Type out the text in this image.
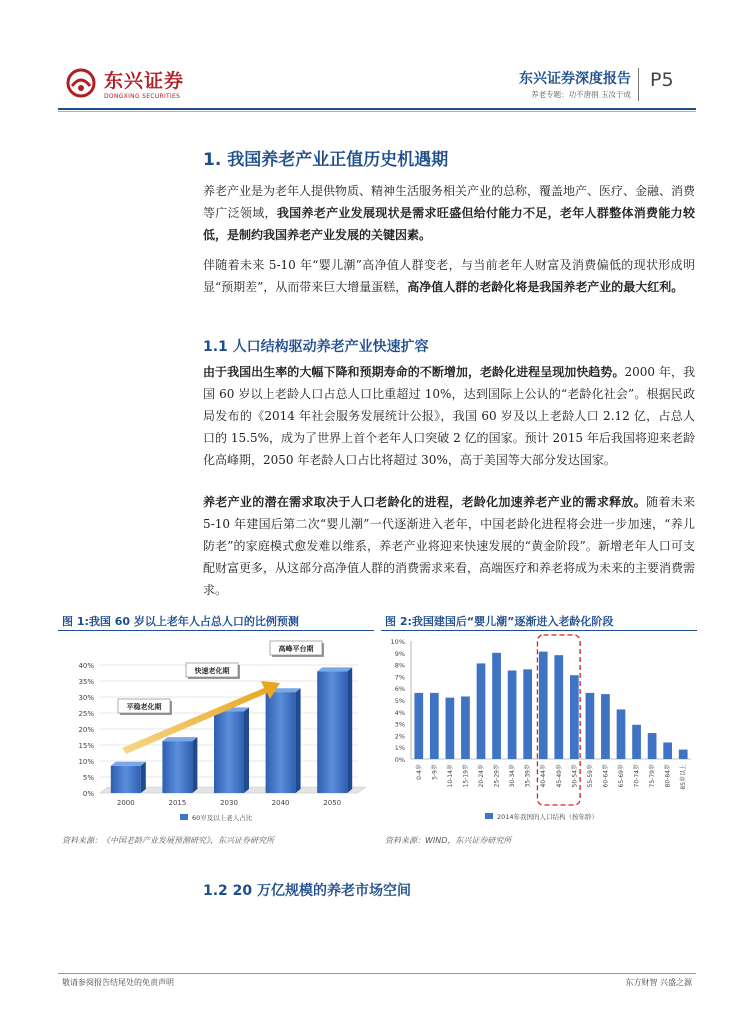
东兴证券
DONGXING SECURITIES
东兴证券深度报告
养老专题：功不唐捐 玉汝于成
P5
1. 我国养老产业正值历史机遇期

养老产业是为老年人提供物质、精神生活服务相关产业的总称，覆盖地产、医疗、金融、消费等广泛领域，我国养老产业发展现状是需求旺盛但给付能力不足，老年人群整体消费能力较低，是制约我国养老产业发展的关键因素。

伴随着未来 5-10 年“婴儿潮”高净值人群变老，与当前老年人财富及消费偏低的现状形成明显“预期差”，从而带来巨大增量蛋糕，高净值人群的老龄化将是我国养老产业的最大红利。

1.1 人口结构驱动养老产业快速扩容

由于我国出生率的大幅下降和预期寿命的不断增加，老龄化进程呈现加快趋势。2000 年，我国 60 岁以上老龄人口占总人口比重超过 10%，达到国际上公认的“老龄化社会”。根据民政局发布的《2014 年社会服务发展统计公报》，我国 60 岁及以上老龄人口 2.12 亿，占总人口的 15.5%，成为了世界上首个老年人口突破 2 亿的国家。预计 2015 年后我国将迎来老龄化高峰期，2050 年老龄人口占比将超过 30%，高于美国等大部分发达国家。

养老产业的潜在需求取决于人口老龄化的进程，老龄化加速养老产业的需求释放。随着未来 5-10 年建国后第二次“婴儿潮”一代逐渐进入老年，中国老龄化进程将会进一步加速，“养儿防老”的家庭模式愈发难以维系，养老产业将迎来快速发展的“黄金阶段”。新增老年人口可支配财富更多，从这部分高净值人群的消费需求来看，高端医疗和养老将成为未来的主要消费需求。

图 1:我国 60 岁以上老年人占总人口的比例预测
0%
5%
10%
15%
20%
25%
30%
35%
40%
2000	2015	2030	2040	2050
平稳老化期
快速老化期
高峰平台期
60岁及以上老人占比
资料来源：《中国老龄产业发展预测研究》，东兴证券研究所
图 2:我国建国后“婴儿潮”逐渐进入老龄化阶段
0%
1%
2%
3%
4%
5%
6%
7%
8%
9%
10%
0-4岁 5-9岁 10-14岁 15-19岁 20-24岁 25-29岁 30-34岁 35-39岁 40-44岁 45-49岁 50-54岁 55-59岁 60-64岁 65-69岁 70-74岁 75-79岁 80-84岁 85岁以上
2014年我国的人口结构（按年龄）
资料来源：WIND，东兴证券研究所
1.2 20 万亿规模的养老市场空间
敬请参阅报告结尾处的免责声明	东方财智 兴盛之源
